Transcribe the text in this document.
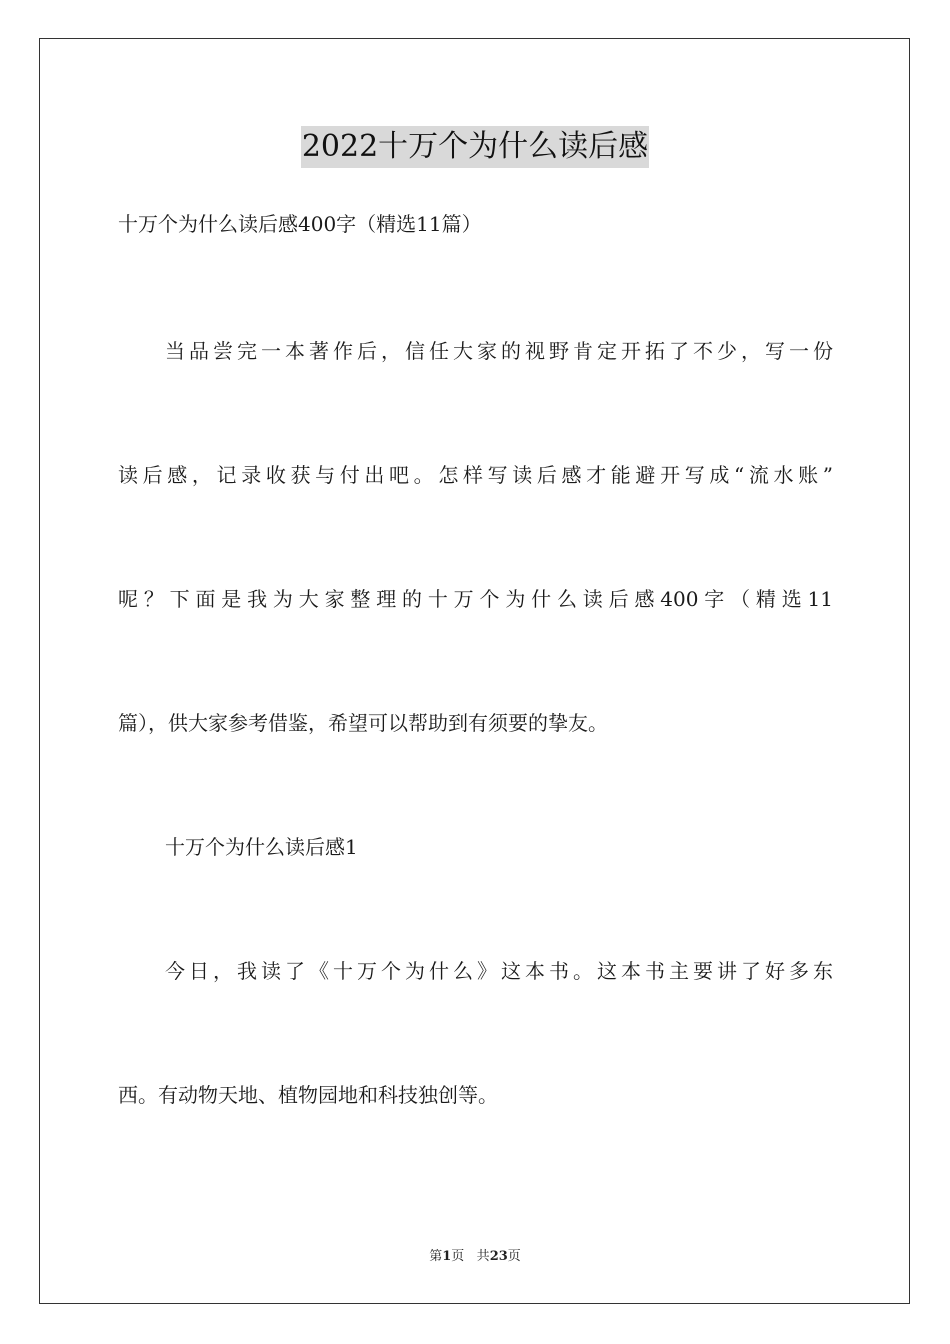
2022十万个为什么读后感
十万个为什么读后感400字（精选11篇）
当品尝完一本著作后，信任大家的视野肯定开拓了不少，写一份
读后感，记录收获与付出吧。怎样写读后感才能避开写成“流水账”
呢？下面是我为大家整理的十万个为什么读后感400字（精选11
篇），供大家参考借鉴，希望可以帮助到有须要的挚友。
十万个为什么读后感1
今日，我读了《十万个为什么》这本书。这本书主要讲了好多东
西。有动物天地、植物园地和科技独创等。
第1页 共23页
